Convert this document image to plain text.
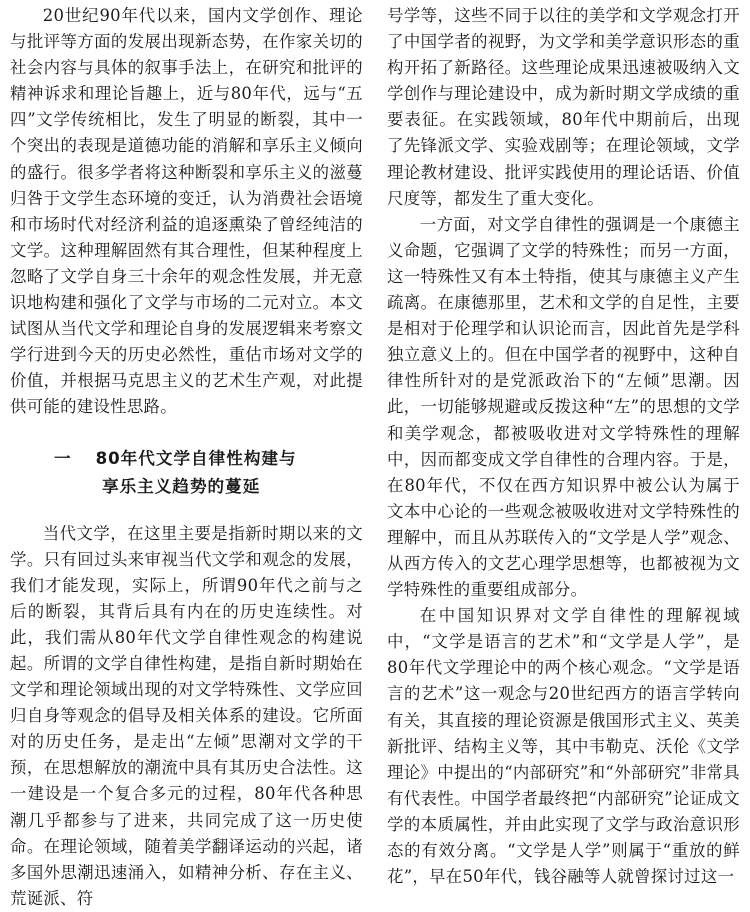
20世纪90年代以来，国内文学创作、理论与批评等方面的发展出现新态势，在作家关切的社会内容与具体的叙事手法上，在研究和批评的精神诉求和理论旨趣上，近与80年代，远与“五四”文学传统相比，发生了明显的断裂，其中一个突出的表现是道德功能的消解和享乐主义倾向的盛行。很多学者将这种断裂和享乐主义的滋蔓归咎于文学生态环境的变迁，认为消费社会语境和市场时代对经济利益的追逐熏染了曾经纯洁的文学。这种理解固然有其合理性，但某种程度上忽略了文学自身三十余年的观念性发展，并无意识地构建和强化了文学与市场的二元对立。本文试图从当代文学和理论自身的发展逻辑来考察文学行进到今天的历史必然性，重估市场对文学的价值，并根据马克思主义的艺术生产观，对此提供可能的建设性思路。

一 80年代文学自律性构建与
享乐主义趋势的蔓延

当代文学，在这里主要是指新时期以来的文学。只有回过头来审视当代文学和观念的发展，我们才能发现，实际上，所谓90年代之前与之后的断裂，其背后具有内在的历史连续性。对此，我们需从80年代文学自律性观念的构建说起。所谓的文学自律性构建，是指自新时期始在文学和理论领域出现的对文学特殊性、文学应回归自身等观念的倡导及相关体系的建设。它所面对的历史任务，是走出“左倾”思潮对文学的干预，在思想解放的潮流中具有其历史合法性。这一建设是一个复合多元的过程，80年代各种思潮几乎都参与了进来，共同完成了这一历史使命。在理论领域，随着美学翻译运动的兴起，诸多国外思潮迅速涌入，如精神分析、存在主义、荒诞派、符

号学等，这些不同于以往的美学和文学观念打开了中国学者的视野，为文学和美学意识形态的重构开拓了新路径。这些理论成果迅速被吸纳入文学创作与理论建设中，成为新时期文学成绩的重要表征。在实践领域，80年代中期前后，出现了先锋派文学、实验戏剧等；在理论领域，文学理论教材建设、批评实践使用的理论话语、价值尺度等，都发生了重大变化。

一方面，对文学自律性的强调是一个康德主义命题，它强调了文学的特殊性；而另一方面，这一特殊性又有本土特指，使其与康德主义产生疏离。在康德那里，艺术和文学的自足性，主要是相对于伦理学和认识论而言，因此首先是学科独立意义上的。但在中国学者的视野中，这种自律性所针对的是党派政治下的“左倾”思潮。因此，一切能够规避或反拨这种“左”的思想的文学和美学观念，都被吸收进对文学特殊性的理解中，因而都变成文学自律性的合理内容。于是，在80年代，不仅在西方知识界中被公认为属于文本中心论的一些观念被吸收进对文学特殊性的理解中，而且从苏联传入的“文学是人学”观念、从西方传入的文艺心理学思想等，也都被视为文学特殊性的重要组成部分。

在中国知识界对文学自律性的理解视域中，“文学是语言的艺术”和“文学是人学”，是80年代文学理论中的两个核心观念。“文学是语言的艺术”这一观念与20世纪西方的语言学转向有关，其直接的理论资源是俄国形式主义、英美新批评、结构主义等，其中韦勒克、沃伦《文学理论》中提出的“内部研究”和“外部研究”非常具有代表性。中国学者最终把“内部研究”论证成文学的本质属性，并由此实现了文学与政治意识形态的有效分离。“文学是人学”则属于“重放的鲜花”，早在50年代，钱谷融等人就曾探讨过这一
